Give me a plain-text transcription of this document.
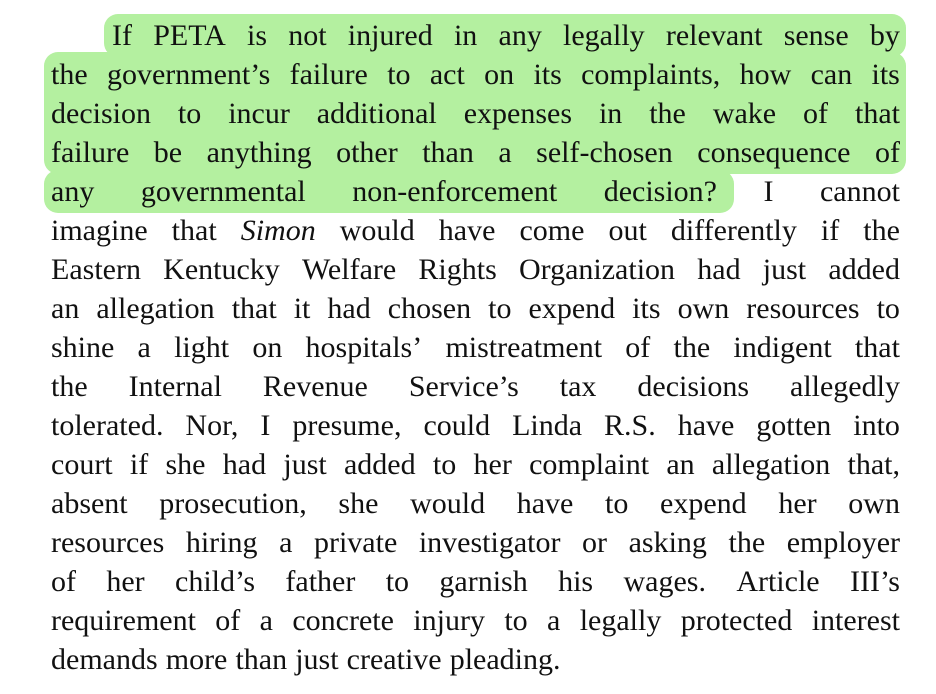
If PETA is not injured in any legally relevant sense by
the government’s failure to act on its complaints, how can its
decision to incur additional expenses in the wake of that
failure be anything other than a self-chosen consequence of
any governmental non-enforcement decision? I cannot
imagine that Simon would have come out differently if the
Eastern Kentucky Welfare Rights Organization had just added
an allegation that it had chosen to expend its own resources to
shine a light on hospitals’ mistreatment of the indigent that
the Internal Revenue Service’s tax decisions allegedly
tolerated. Nor, I presume, could Linda R.S. have gotten into
court if she had just added to her complaint an allegation that,
absent prosecution, she would have to expend her own
resources hiring a private investigator or asking the employer
of her child’s father to garnish his wages. Article III’s
requirement of a concrete injury to a legally protected interest
demands more than just creative pleading.
